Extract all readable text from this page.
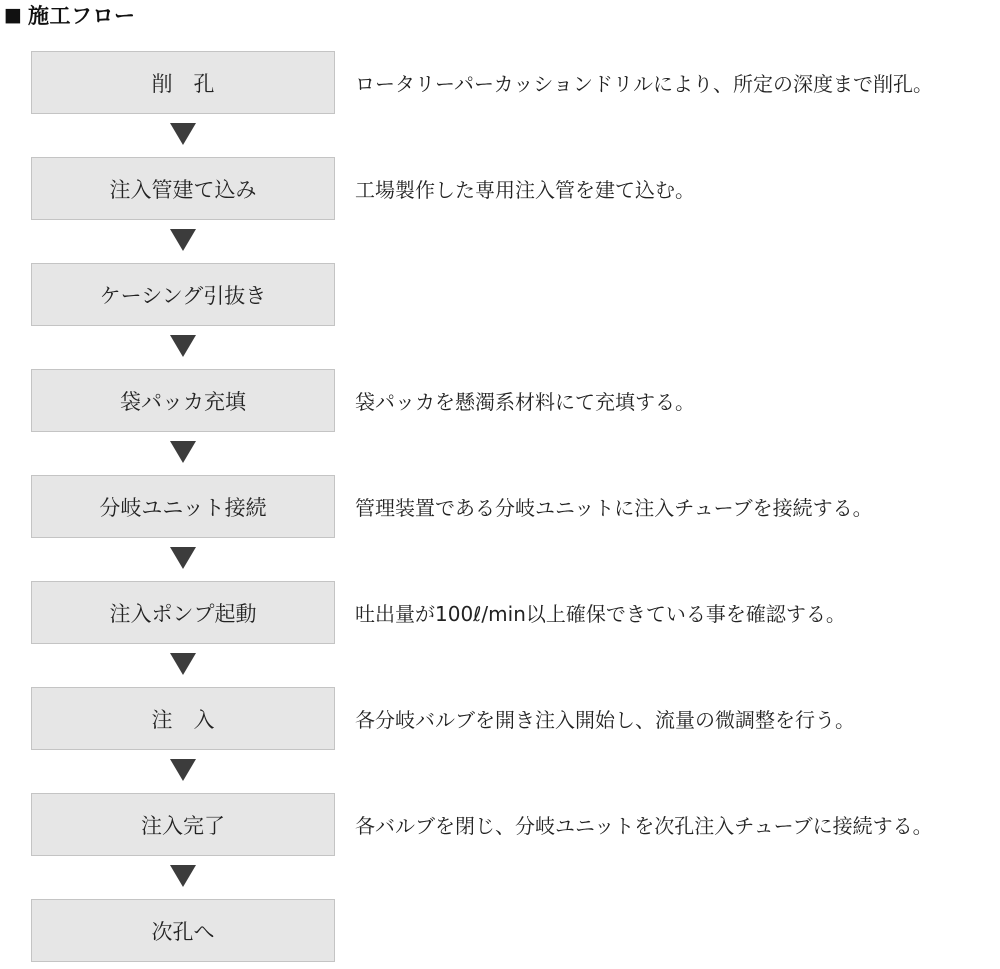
■ 施工フロー
削　孔	ロータリーパーカッションドリルにより、所定の深度まで削孔。
注入管建て込み	工場製作した専用注入管を建て込む。
ケーシング引抜き
袋パッカ充填	袋パッカを懸濁系材料にて充填する。
分岐ユニット接続	管理装置である分岐ユニットに注入チューブを接続する。
注入ポンプ起動	吐出量が100ℓ/min以上確保できている事を確認する。
注　入	各分岐バルブを開き注入開始し、流量の微調整を行う。
注入完了	各バルブを閉じ、分岐ユニットを次孔注入チューブに接続する。
次孔へ
